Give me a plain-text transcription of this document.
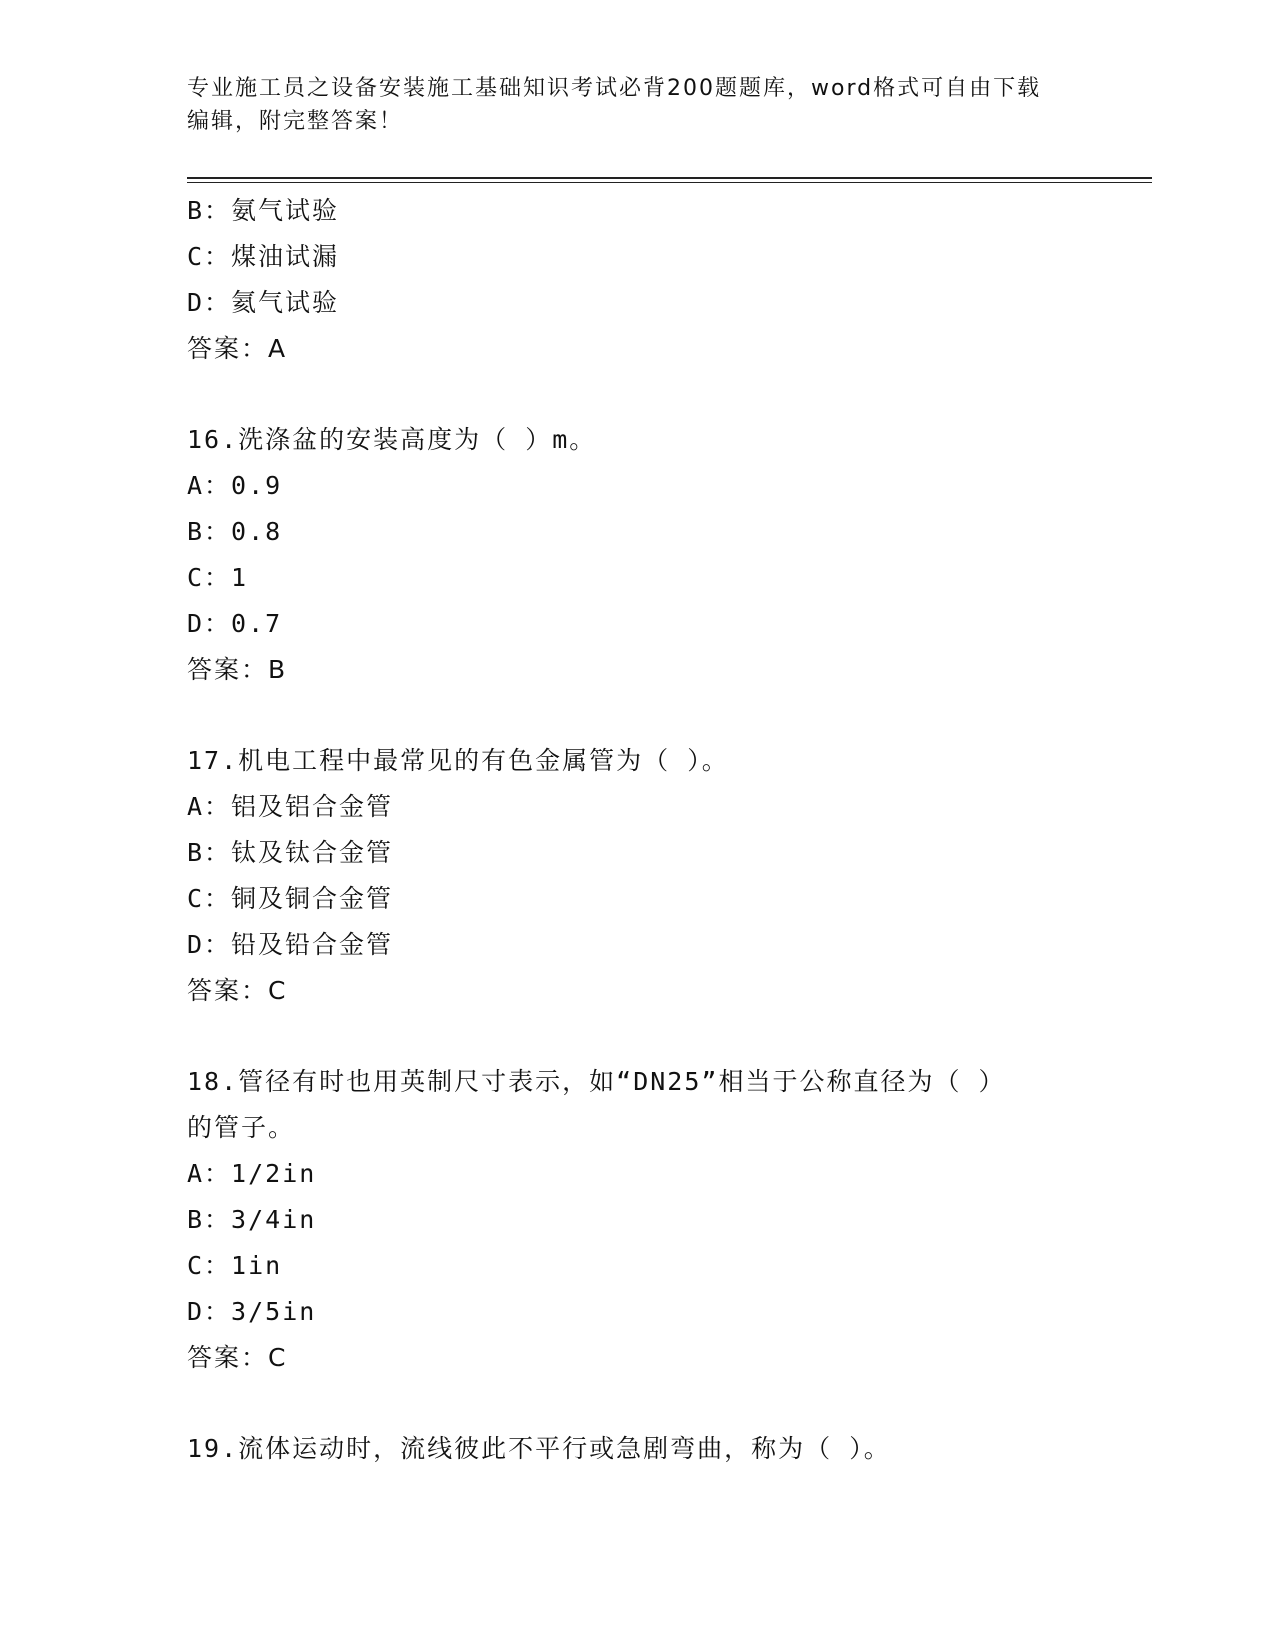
专业施工员之设备安装施工基础知识考试必背200题题库，word格式可自由下载
编辑，附完整答案！
B：氨气试验
C：煤油试漏
D：氦气试验
答案：A
16.洗涤盆的安装高度为（ ）m。
A：0.9
B：0.8
C：1
D：0.7
答案：B
17.机电工程中最常见的有色金属管为（ ）。
A：铝及铝合金管
B：钛及钛合金管
C：铜及铜合金管
D：铅及铅合金管
答案：C
18.管径有时也用英制尺寸表示，如“DN25”相当于公称直径为（ ）
的管子。
A：1/2in
B：3/4in
C：1in
D：3/5in
答案：C
19.流体运动时，流线彼此不平行或急剧弯曲，称为（ ）。
